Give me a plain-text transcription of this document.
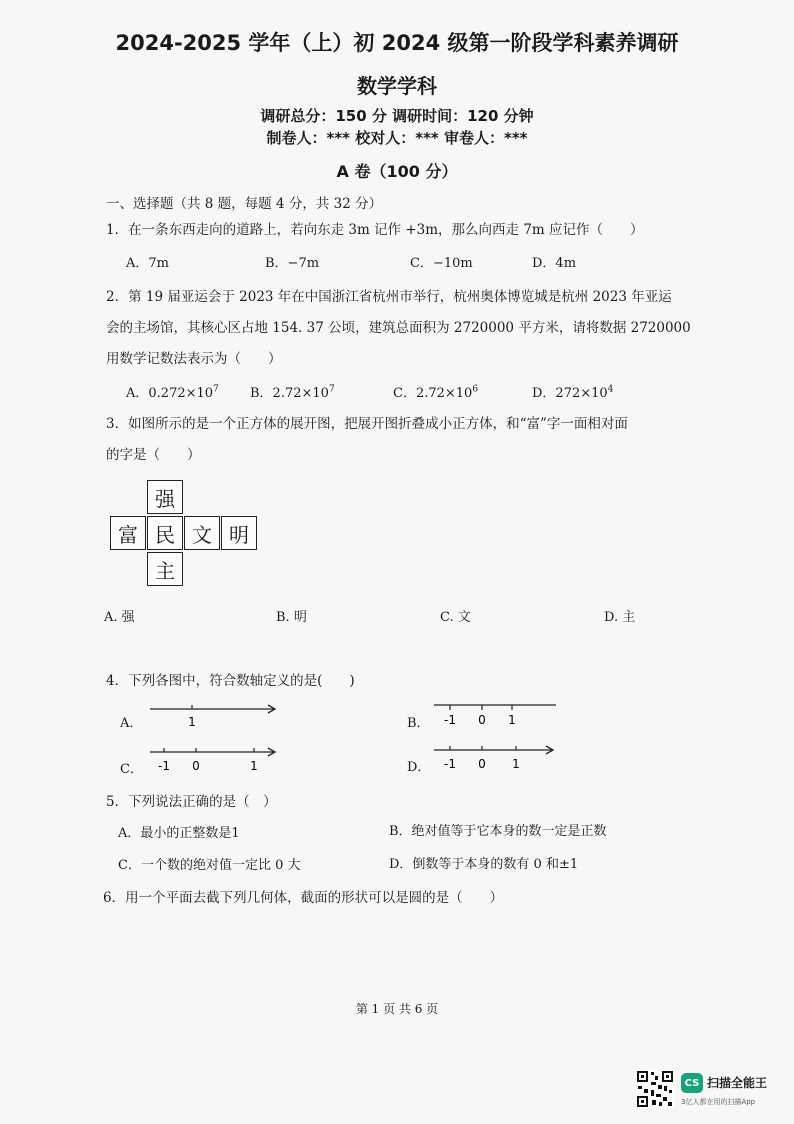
2024-2025 学年（上）初 2024 级第一阶段学科素养调研
数学学科
调研总分：150 分 调研时间：120 分钟
制卷人：*** 校对人：*** 审卷人：***
A 卷（100 分）
一、选择题（共 8 题，每题 4 分，共 32 分）
1．在一条东西走向的道路上，若向东走 3m 记作 +3m，那么向西走 7m 应记作（　　）
A．7m	B．−7m	C．−10m	D．4m
2．第 19 届亚运会于 2023 年在中国浙江省杭州市举行，杭州奥体博览城是杭州 2023 年亚运
会的主场馆，其核心区占地 154. 37 公顷，建筑总面积为 2720000 平方米，请将数据 2720000
用数学记数法表示为（　　）
A．$0.272\times 10^7$ B．$2.72\times 10^7$	C．$2.72\times 10^6$	D．$272\times 10^4$
3．如图所示的是一个正方体的展开图，把展开图折叠成小正方体，和“富”字一面相对面
的字是（　　）
强
富 民 文 明
主
A. 强	B. 明	C. 文	D. 主
4．下列各图中，符合数轴定义的是(　　)
A．	1	B． -1 0 1
C． -1 0	1	D． -1 0 1
5．下列说法正确的是（　）
A．最小的正整数是1	B．绝对值等于它本身的数一定是正数
C．一个数的绝对值一定比 0 大	D．倒数等于本身的数有 0 和±1
6．用一个平面去截下列几何体，截面的形状可以是圆的是（　　）
第 1 页 共 6 页
CS 扫描全能王
3亿人都在用的扫描App
